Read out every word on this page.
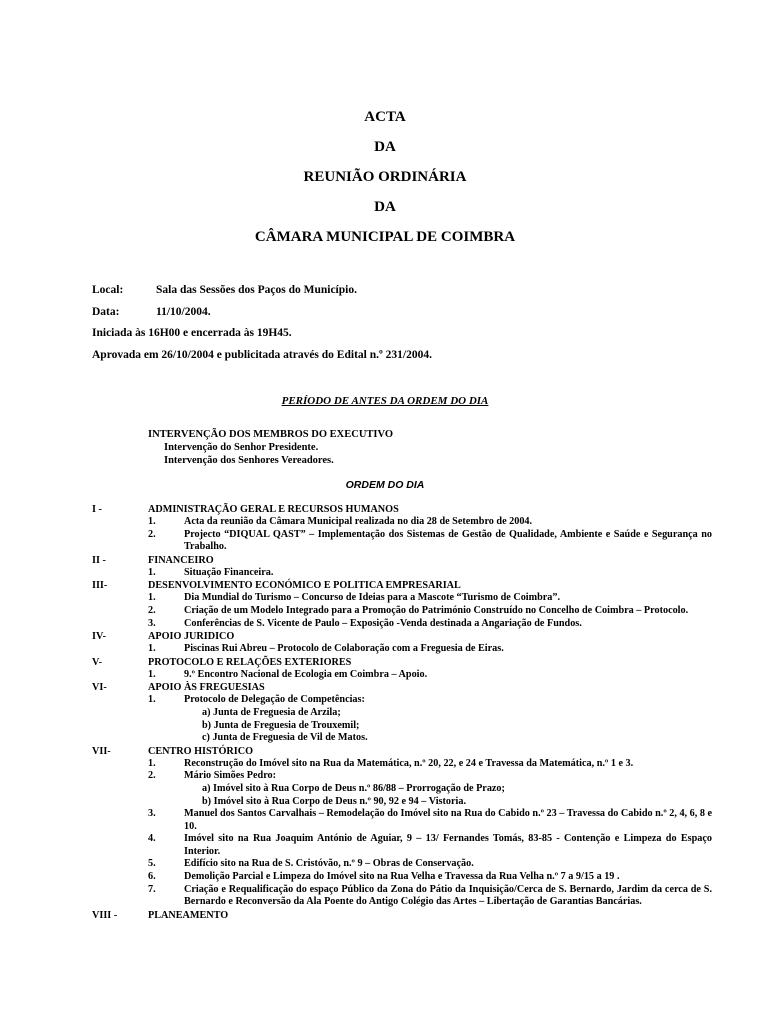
ACTA
DA
REUNIÃO ORDINÁRIA
DA
CÂMARA MUNICIPAL DE COIMBRA
Local:	Sala das Sessões dos Paços do Município.
Data:	11/10/2004.
Iniciada às 16H00 e encerrada às 19H45.
Aprovada em 26/10/2004 e publicitada através do Edital n.º 231/2004.
PERÍODO DE ANTES DA ORDEM DO DIA
INTERVENÇÃO DOS MEMBROS DO EXECUTIVO
Intervenção do Senhor Presidente.
Intervenção dos Senhores Vereadores.
ORDEM DO DIA
I -	ADMINISTRAÇÃO GERAL E RECURSOS HUMANOS
1.	Acta da reunião da Câmara Municipal realizada no dia 28 de Setembro de 2004.
2.	Projecto “DIQUAL QAST” – Implementação dos Sistemas de Gestão de Qualidade, Ambiente e Saúde e Segurança no Trabalho.
II -	FINANCEIRO
1.	Situação Financeira.
III-	DESENVOLVIMENTO ECONÓMICO E POLITICA EMPRESARIAL
1.	Dia Mundial do Turismo – Concurso de Ideias para a Mascote “Turismo de Coimbra”.
2.	Criação de um Modelo Integrado para a Promoção do Património Construído no Concelho de Coimbra – Protocolo.
3.	Conferências de S. Vicente de Paulo – Exposição -Venda destinada a Angariação de Fundos.
IV-	APOIO JURIDICO
1.	Piscinas Rui Abreu – Protocolo de Colaboração com a Freguesia de Eiras.
V-	PROTOCOLO E RELAÇÕES EXTERIORES
1.	9.º Encontro Nacional de Ecologia em Coimbra – Apoio.
VI-	APOIO ÀS FREGUESIAS
1.	Protocolo de Delegação de Competências:
a) Junta de Freguesia de Arzila;
b) Junta de Freguesia de Trouxemil;
c) Junta de Freguesia de Vil de Matos.
VII-	CENTRO HISTÓRICO
1.	Reconstrução do Imóvel sito na Rua da Matemática, n.º 20, 22, e 24 e Travessa da Matemática, n.º 1 e 3.
2.	Mário Simões Pedro:
a) Imóvel sito à Rua Corpo de Deus n.º 86/88 – Prorrogação de Prazo;
b) Imóvel sito à Rua Corpo de Deus n.º 90, 92 e 94 – Vistoria.
3.	Manuel dos Santos Carvalhais – Remodelação do Imóvel sito na Rua do Cabido n.º 23 – Travessa do Cabido n.º 2, 4, 6, 8 e 10.
4.	Imóvel sito na Rua Joaquim António de Aguiar, 9 – 13/ Fernandes Tomás, 83-85 - Contenção e Limpeza do Espaço Interior.
5.	Edifício sito na Rua de S. Cristóvão, n.º 9 – Obras de Conservação.
6.	Demolição Parcial e Limpeza do Imóvel sito na Rua Velha e Travessa da Rua Velha n.º 7 a 9/15 a 19 .
7.	Criação e Requalificação do espaço Público da Zona do Pátio da Inquisição/Cerca de S. Bernardo, Jardim da cerca de S. Bernardo e Reconversão da Ala Poente do Antigo Colégio das Artes – Libertação de Garantias Bancárias.
VIII -	PLANEAMENTO
